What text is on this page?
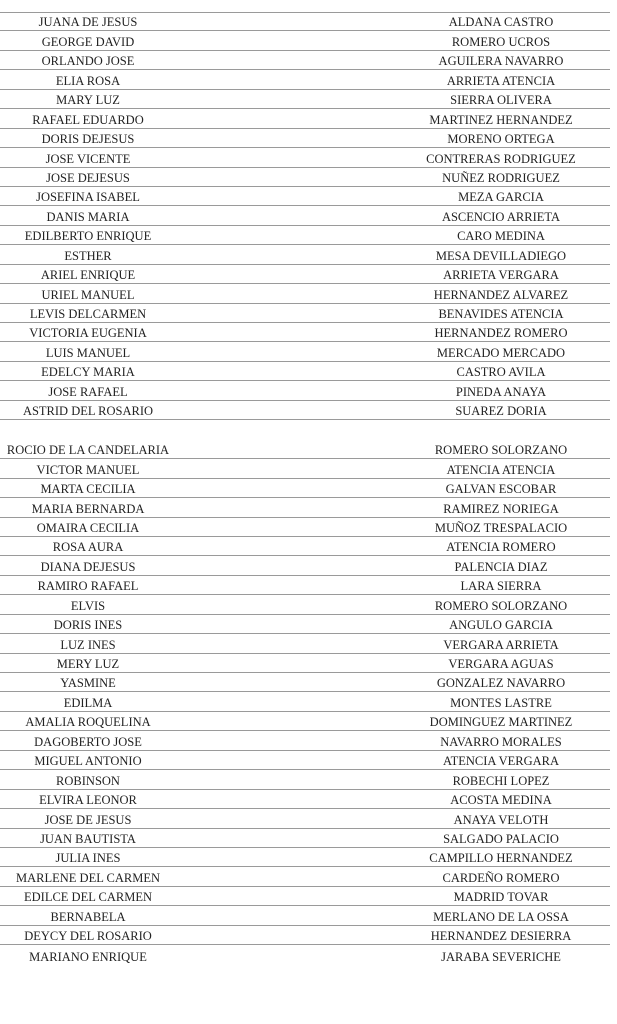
JUANA DE JESUS	ALDANA CASTRO
GEORGE DAVID	ROMERO UCROS
ORLANDO JOSE	AGUILERA NAVARRO
ELIA ROSA	ARRIETA ATENCIA
MARY LUZ	SIERRA OLIVERA
RAFAEL EDUARDO	MARTINEZ HERNANDEZ
DORIS DEJESUS	MORENO ORTEGA
JOSE VICENTE	CONTRERAS RODRIGUEZ
JOSE DEJESUS	NUÑEZ RODRIGUEZ
JOSEFINA ISABEL	MEZA GARCIA
DANIS MARIA	ASCENCIO ARRIETA
EDILBERTO ENRIQUE	CARO MEDINA
ESTHER	MESA DEVILLADIEGO
ARIEL ENRIQUE	ARRIETA VERGARA
URIEL MANUEL	HERNANDEZ ALVAREZ
LEVIS DELCARMEN	BENAVIDES ATENCIA
VICTORIA EUGENIA	HERNANDEZ ROMERO
LUIS MANUEL	MERCADO MERCADO
EDELCY MARIA	CASTRO AVILA
JOSE RAFAEL	PINEDA ANAYA
ASTRID DEL ROSARIO	SUAREZ DORIA
ROCIO DE LA CANDELARIA	ROMERO SOLORZANO
VICTOR MANUEL	ATENCIA ATENCIA
MARTA CECILIA	GALVAN ESCOBAR
MARIA BERNARDA	RAMIREZ NORIEGA
OMAIRA CECILIA	MUÑOZ TRESPALACIO
ROSA AURA	ATENCIA ROMERO
DIANA DEJESUS	PALENCIA DIAZ
RAMIRO RAFAEL	LARA SIERRA
ELVIS	ROMERO SOLORZANO
DORIS INES	ANGULO GARCIA
LUZ INES	VERGARA ARRIETA
MERY LUZ	VERGARA AGUAS
YASMINE	GONZALEZ NAVARRO
EDILMA	MONTES LASTRE
AMALIA ROQUELINA	DOMINGUEZ MARTINEZ
DAGOBERTO JOSE	NAVARRO MORALES
MIGUEL ANTONIO	ATENCIA VERGARA
ROBINSON	ROBECHI LOPEZ
ELVIRA LEONOR	ACOSTA MEDINA
JOSE DE JESUS	ANAYA VELOTH
JUAN BAUTISTA	SALGADO PALACIO
JULIA INES	CAMPILLO HERNANDEZ
MARLENE DEL CARMEN	CARDEÑO ROMERO
EDILCE DEL CARMEN	MADRID TOVAR
BERNABELA	MERLANO DE LA OSSA
DEYCY DEL ROSARIO	HERNANDEZ DESIERRA
MARIANO ENRIQUE	JARABA SEVERICHE
